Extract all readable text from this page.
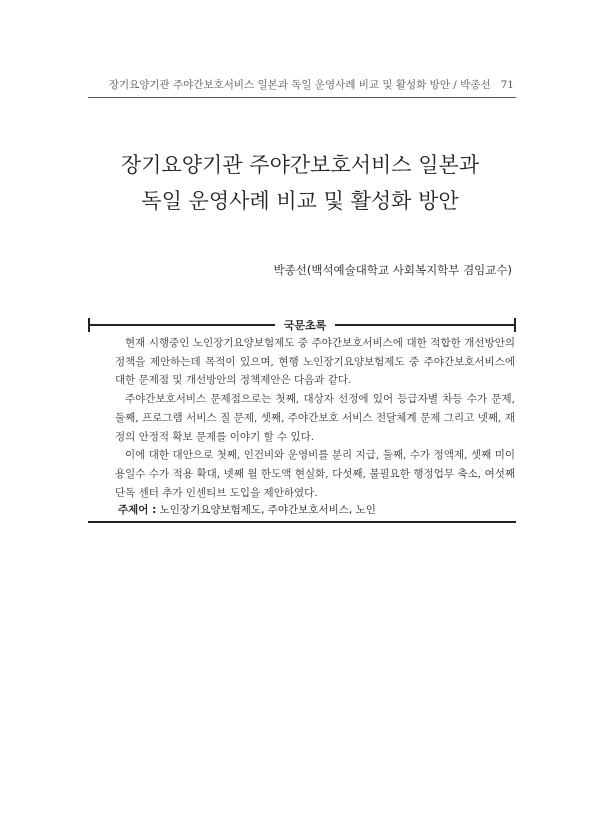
장기요양기관 주야간보호서비스 일본과 독일 운영사례 비교 및 활성화 방안 / 박종선 71
장기요양기관 주야간보호서비스 일본과
독일 운영사례 비교 및 활성화 방안
박종선(백석예술대학교 사회복지학부 겸임교수)
국문초록

현재 시행중인 노인장기요양보험제도 중 주야간보호서비스에 대한 적합한 개선방안의 정책을 제안하는데 목적이 있으며, 현행 노인장기요양보험제도 중 주야간보호서비스에 대한 문제점 및 개선방안의 정책제안은 다음과 같다.

주야간보호서비스 문제점으로는 첫째, 대상자 선정에 있어 등급자별 차등 수가 문제, 둘째, 프로그램 서비스 질 문제, 셋째, 주야간보호 서비스 전달체계 문제 그리고 넷째, 재정의 안정적 확보 문제를 이야기 할 수 있다.

이에 대한 대안으로 첫째, 인건비와 운영비를 분리 지급, 둘째, 수가 정액제, 셋째 미이용일수 수가 적용 확대, 넷째 월 한도액 현실화, 다섯째, 불필요한 행정업무 축소, 여섯째 단독 센터 추가 인센티브 도입을 제안하였다.

주제어 : 노인장기요양보험제도, 주야간보호서비스, 노인
